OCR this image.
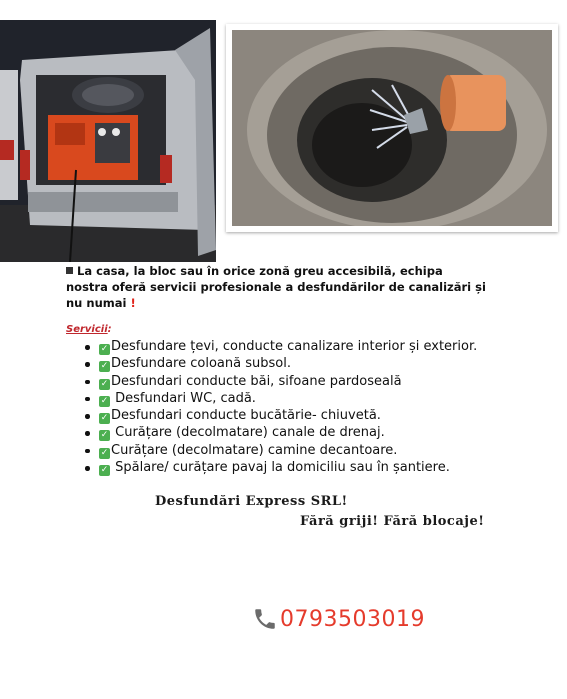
La casa, la bloc sau în orice zonă greu accesibilă, echipa nostra oferă servicii profesionale a desfundărilor de canalizări și nu numai !
Servicii:
✓ Desfundare țevi, conducte canalizare interior și exterior.
✓ Desfundare coloană subsol.
✓ Desfundari conducte băi, sifoane pardoseală
✓ Desfundari WC, cadă.
✓ Desfundari conducte bucătărie- chiuvetă.
✓ Curățare (decolmatare) canale de drenaj.
✓ Curățare (decolmatare) camine decantoare.
✓ Spălare/ curățare pavaj la domiciliu sau în șantiere.
Desfundări Express SRL!
Fără griji! Fără blocaje!
0793503019
